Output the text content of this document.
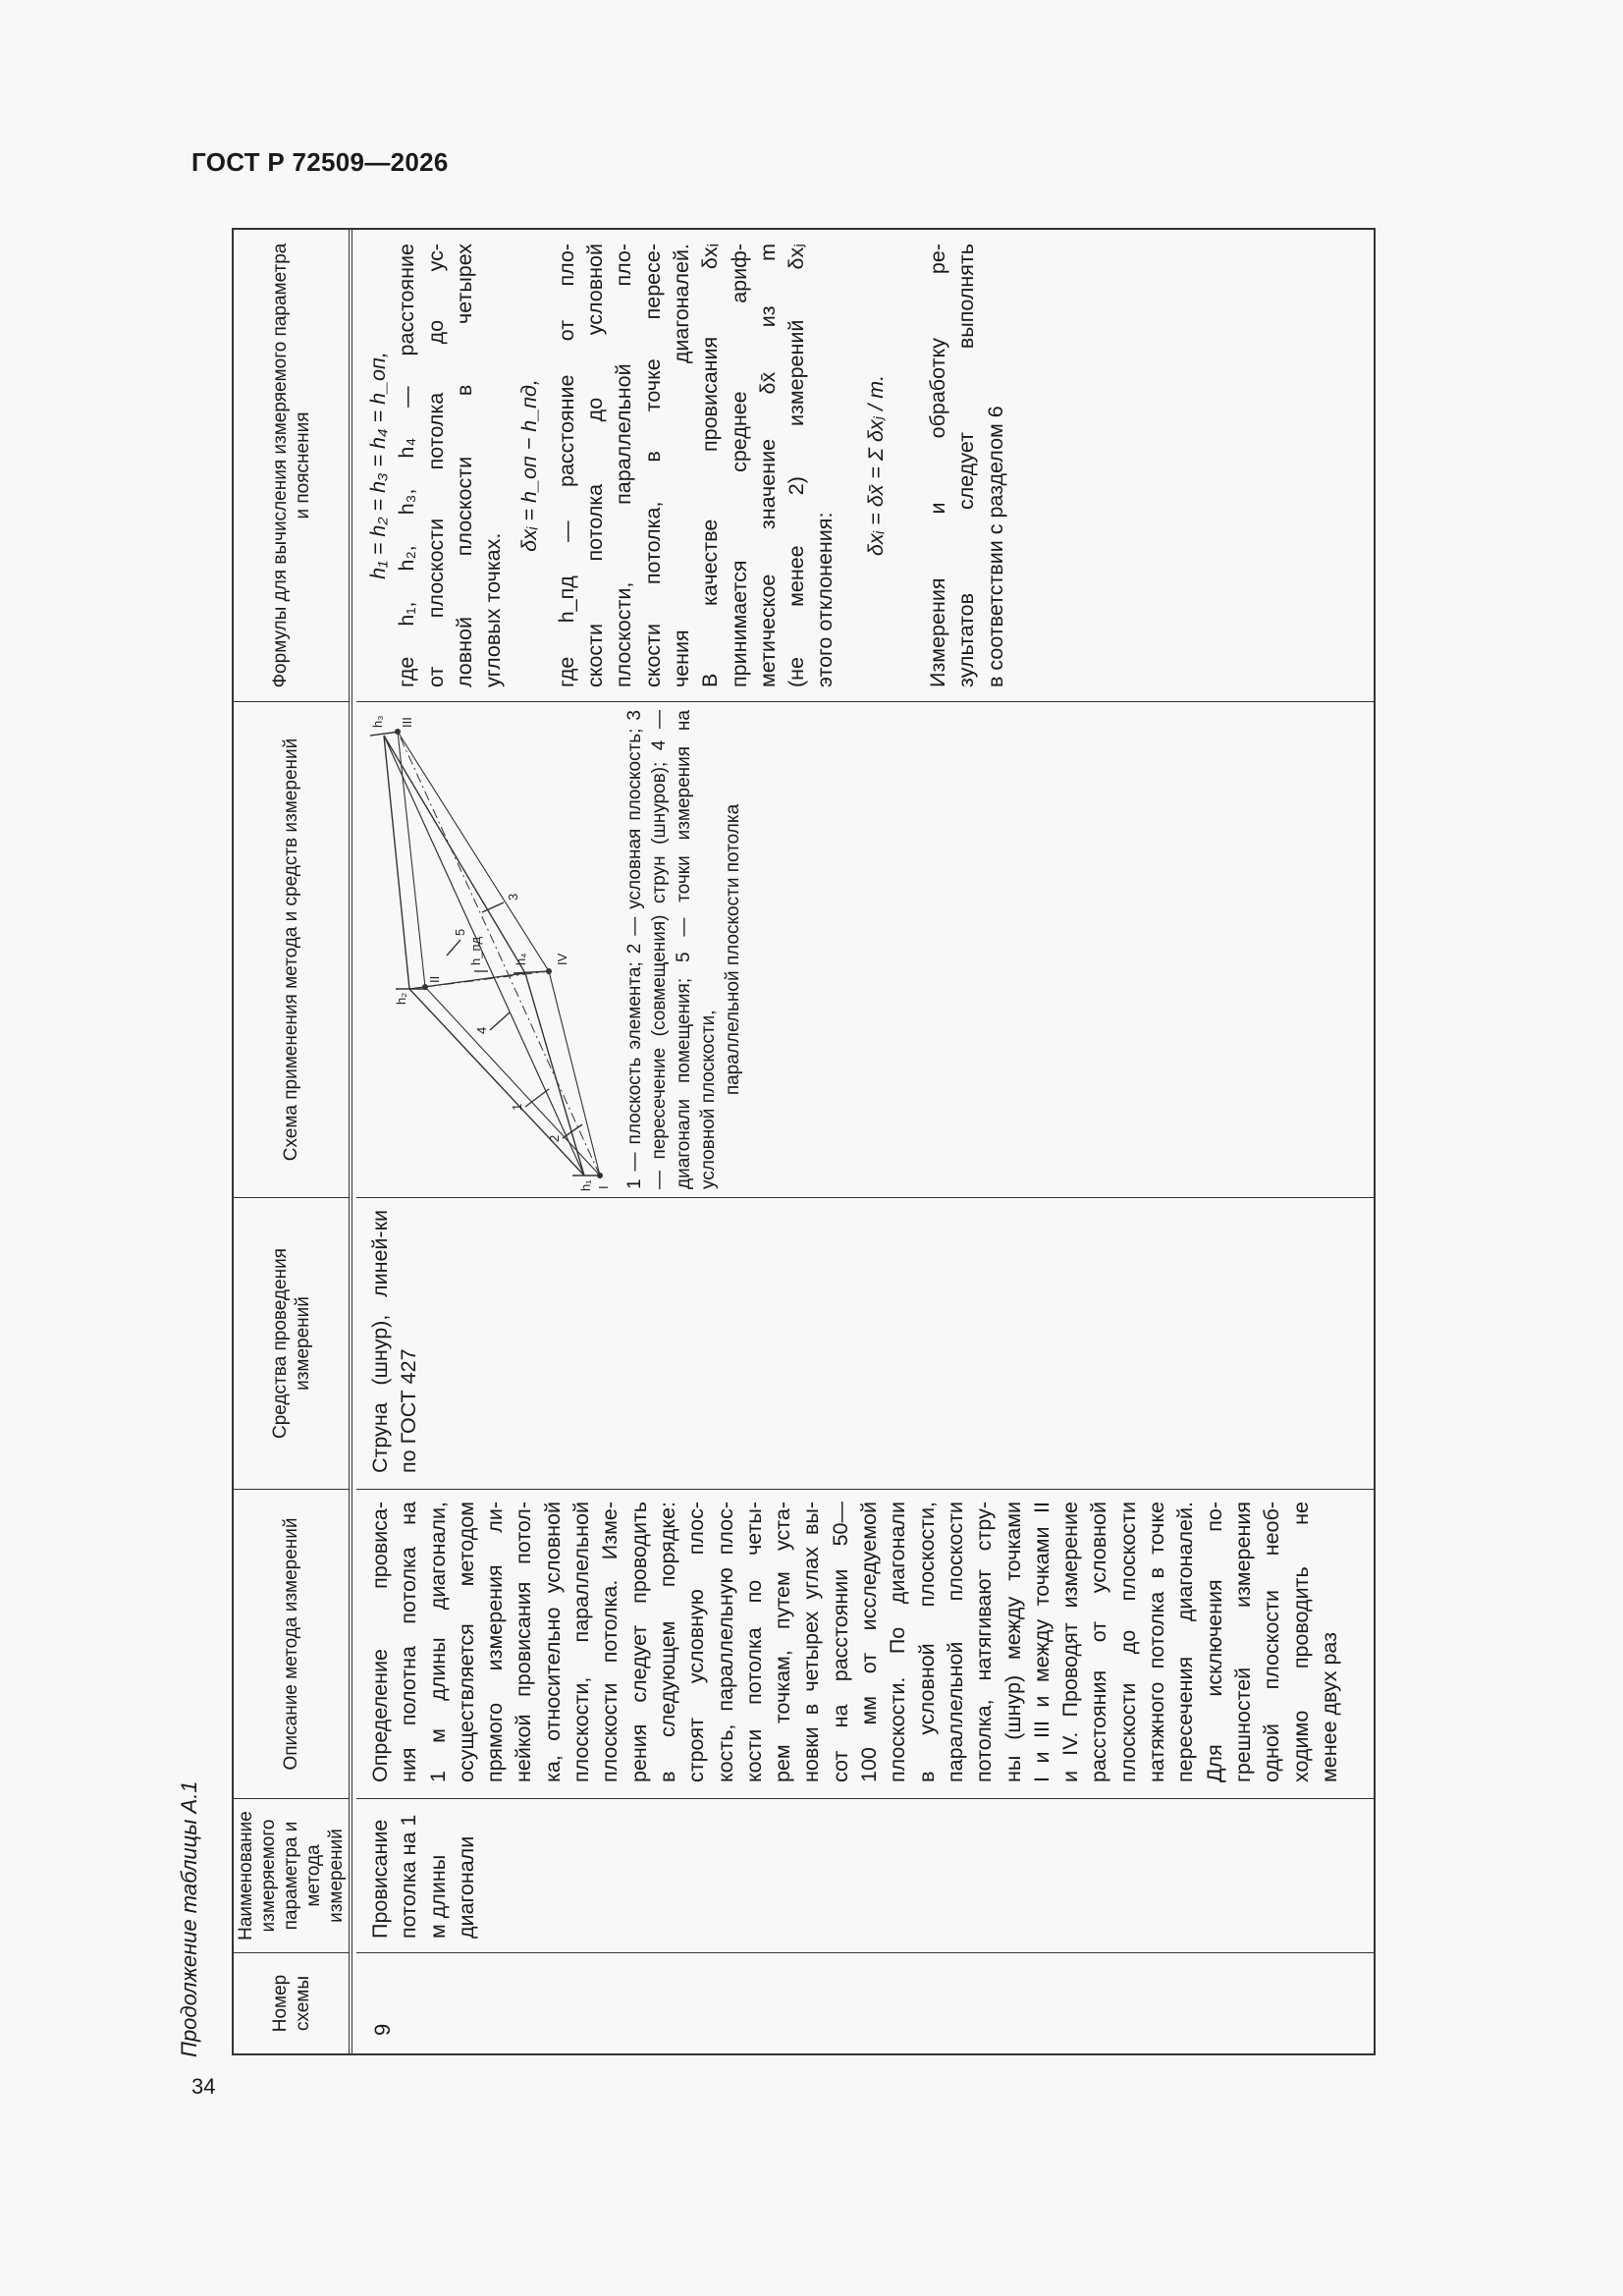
ГОСТ Р 72509—2026
Продолжение таблицы А.1
34
Номер схемы
Наименование измеряемого параметра и метода измерений
Описание метода измерений
Средства проведения измерений
Схема применения метода и средств измерений
Формулы для вычисления измеряемого параметра и пояснения
9
Провисание потолка на 1 м длины диагонали
Определение провиса- ния полотна потолка на 1 м длины диагонали, осуществляется методом прямого измерения ли- нейкой провисания потол- ка, относительно условной плоскости, параллельной плоскости потолка. Изме- рения следует проводить в следующем порядке: строят условную плос- кость, параллельную плос- кости потолка по четы- рем точкам, путем уста- новки в четырех углах вы- сот на расстоянии 50— 100 мм от исследуемой плоскости. По диагонали в условной плоскости, параллельной плоскости потолка, натягивают стру- ны (шнур) между точками I и III и между точками II и IV. Проводят измерение расстояния от условной плоскости до плоскости натяжного потолка в точке пересечения диагоналей. Для исключения по- грешностей измерения одной плоскости необ- ходимо проводить не менее двух раз
Струна (шнур), линей-ки по ГОСТ 427
I
II
III
IV
h₁
h₂
h₃
h₄
h_пд
1
2
3
4
5	1 — плоскость элемента; 2 — условная плоскость; 3 — пересечение (совмещения) струн (шнуров); 4 — диагонали помещения; 5 — точки измерения на условной плоскости,
параллельной плоскости потолка
h₁ = h₂ = h₃ = h₄ = h_оп, где h₁, h₂, h₃, h₄ — расстояние от плоскости потолка до ус- ловной плоскости в четырех угловых точках.
δxᵢ = h_оп − h_пд, где h_пд — расстояние от пло- скости потолка до условной плоскости, параллельной пло- скости потолка, в точке пересе- чения диагоналей. В качестве провисания δxᵢ принимается среднее ариф- метическое значение δx̄ из m (не менее 2) измерений δxⱼ этого отклонения:
δxᵢ = δx̄ = Σ δxⱼ / m. Измерения и обработку ре- зультатов следует выполнять в соответствии с разделом 6
